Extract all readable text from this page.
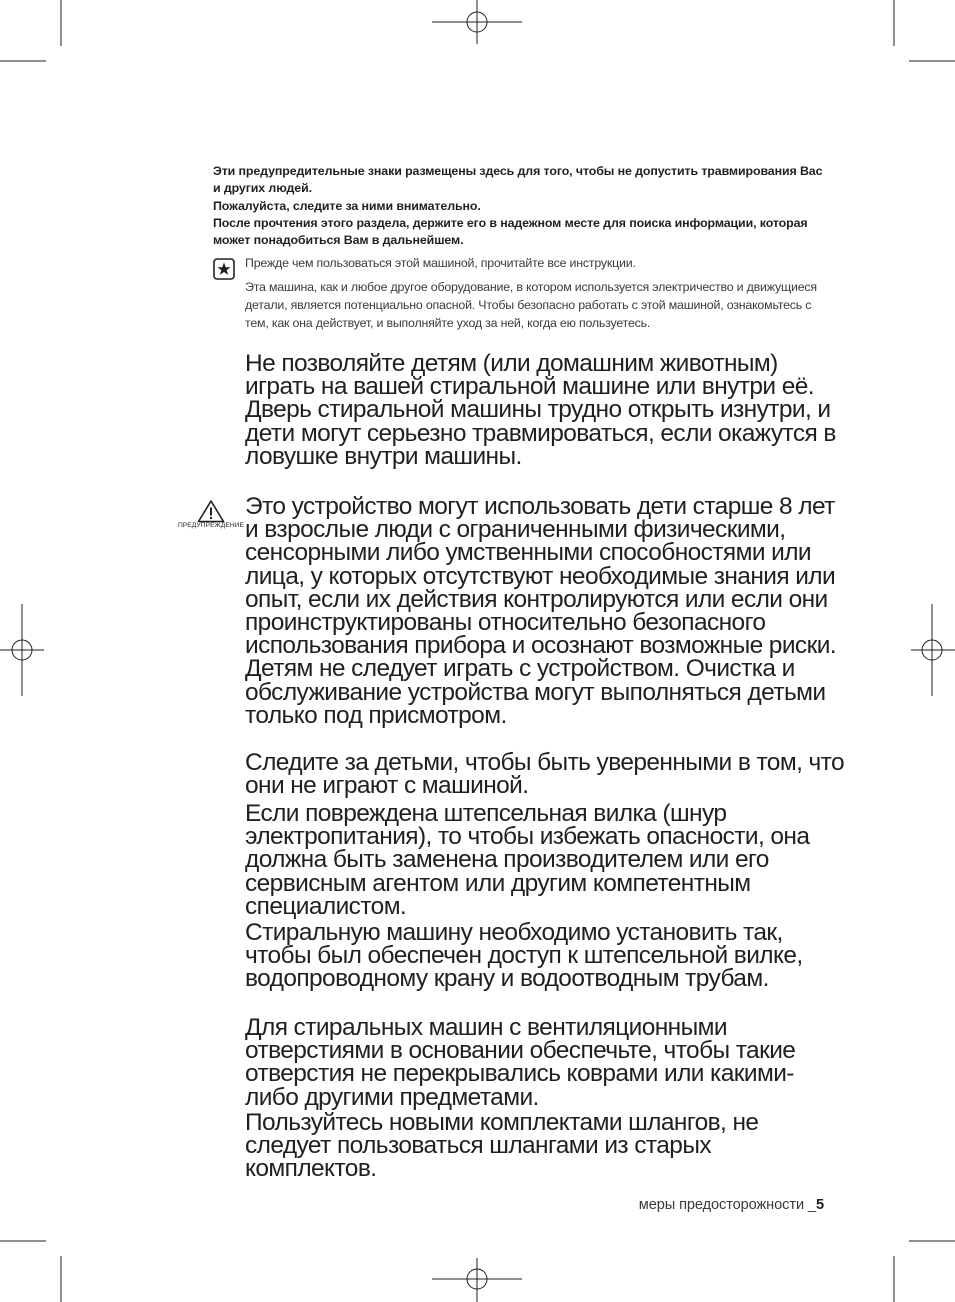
Эти предупредительные знаки размещены здесь для того, чтобы не допустить травмирования Вас и других людей.

Пожалуйста, следите за ними внимательно.

После прочтения этого раздела, держите его в надежном месте для поиска информации, которая может понадобиться Вам в дальнейшем.

Прежде чем пользоваться этой машиной, прочитайте все инструкции.
Эта машина, как и любое другое оборудование, в котором используется электричество и движущиеся детали, является потенциально опасной. Чтобы безопасно работать с этой машиной, ознакомьтесь с тем, как она действует, и выполняйте уход за ней, когда ею пользуетесь.
ПРЕДУПРЕЖДЕНИЕ
Не позволяйте детям (или домашним животным) играть на вашей стиральной машине или внутри её. Дверь стиральной машины трудно открыть изнутри, и дети могут серьезно травмироваться, если окажутся в ловушке внутри машины.
Это устройство могут использовать дети старше 8 лет и взрослые люди с ограниченными физическими, сенсорными либо умственными способностями или лица, у которых отсутствуют необходимые знания или опыт, если их действия контролируются или если они проинструктированы относительно безопасного использования прибора и осознают возможные риски. Детям не следует играть с устройством. Очистка и обслуживание устройства могут выполняться детьми только под присмотром.
Следите за детьми, чтобы быть уверенными в том, что они не играют с машиной.
Если повреждена штепсельная вилка (шнур электропитания), то чтобы избежать опасности, она должна быть заменена производителем или его сервисным агентом или другим компетентным специалистом.
Стиральную машину необходимо установить так, чтобы был обеспечен доступ к штепсельной вилке, водопроводному крану и водоотводным трубам.
Для стиральных машин с вентиляционными отверстиями в основании обеспечьте, чтобы такие отверстия не перекрывались коврами или какими-либо другими предметами.
Пользуйтесь новыми комплектами шлангов, не следует пользоваться шлангами из старых комплектов.
меры предосторожности _5
